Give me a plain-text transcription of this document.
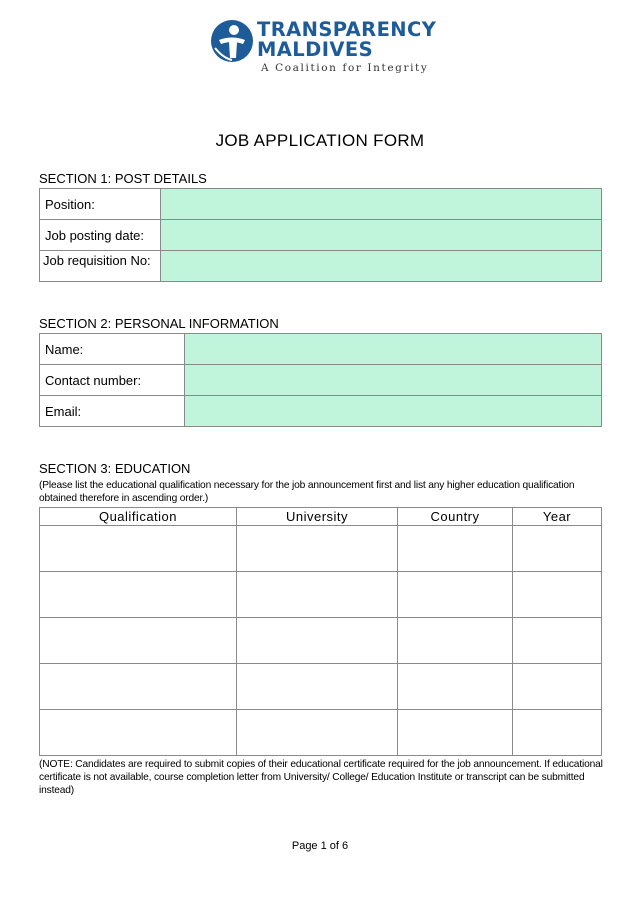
TRANSPARENCY
MALDIVES
A Coalition for Integrity
JOB APPLICATION FORM
SECTION 1: POST DETAILS
Position:	
Job posting date:	
Job requisition No:	
SECTION 2: PERSONAL INFORMATION
Name:	
Contact number:	
Email:	
SECTION 3: EDUCATION
(Please list the educational qualification necessary for the job announcement first and list any higher education qualification obtained therefore in ascending order.)
Qualification	University	Country	Year

(NOTE: Candidates are required to submit copies of their educational certificate required for the job announcement. If educational certificate is not available, course completion letter from University/ College/ Education Institute or transcript can be submitted instead)
Page 1 of 6
